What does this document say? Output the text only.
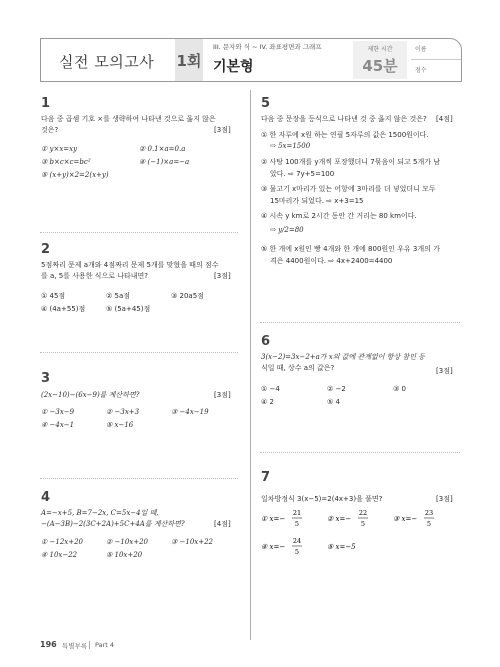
실전 모의고사 1회
III. 문자와 식 ~ IV. 좌표평면과 그래프
기본형
제한 시간
45분
이름
점수
1
다음 중 곱셈 기호 ×를 생략하여 나타낸 것으로 옳지 않은
것은?	[3점]
① y×x=xy	② 0.1×a=0.a
③ b×c×c=bc²	④ (−1)×a=−a
⑤ (x+y)×2=2(x+y)
2
5점짜리 문제 a개와 4점짜리 문제 5개를 맞혔을 때의 점수
를 a, 5를 사용한 식으로 나타내면?	[3점]
① 45점	② 5a점	③ 20a5점
④ (4a+55)점	⑤ (5a+45)점
3
(2x−10)−(6x−9)를 계산하면?	[3점]
① −3x−9	② −3x+3	③ −4x−19
④ −4x−1	⑤ x−16
4
A=−x+5, B=7−2x, C=5x−4일 때,
−(A−3B)−2(3C+2A)+5C+4A를 계산하면?	[4점]
① −12x+20	② −10x+20	③ −10x+22
④ 10x−22	⑤ 10x+20
5
다음 중 문장을 등식으로 나타낸 것 중 옳지 않은 것은? [4점]
① 한 자루에 x원 하는 연필 5자루의 값은 1500원이다.
⇨ 5x=1500
② 사탕 100개를 y개씩 포장했더니 7묶음이 되고 5개가 남
았다. ⇨ 7y+5=100
③ 물고기 x마리가 있는 어항에 3마리를 더 넣었더니 모두
15마리가 되었다. ⇨ x+3=15
④ 시속 y km로 2시간 동안 간 거리는 80 km이다.
⇨ y/2=80
⑤ 한 개에 x원인 빵 4개와 한 개에 800원인 우유 3개의 가
격은 4400원이다. ⇨ 4x+2400=4400
6
3(x−2)=3x−2+a가 x의 값에 관계없이 항상 참인 등
식일 때, 상수 a의 값은?	[3점]
① −4	② −2	③ 0
④ 2	⑤ 4
7
일차방정식 3(x−5)=2(4x+3)을 풀면?	[3점]
① x=−
21
5
② x=−
22
5
③ x=−
23
5
④ x=−
24
5
⑤ x=−5
196 특별부록 Part 4
